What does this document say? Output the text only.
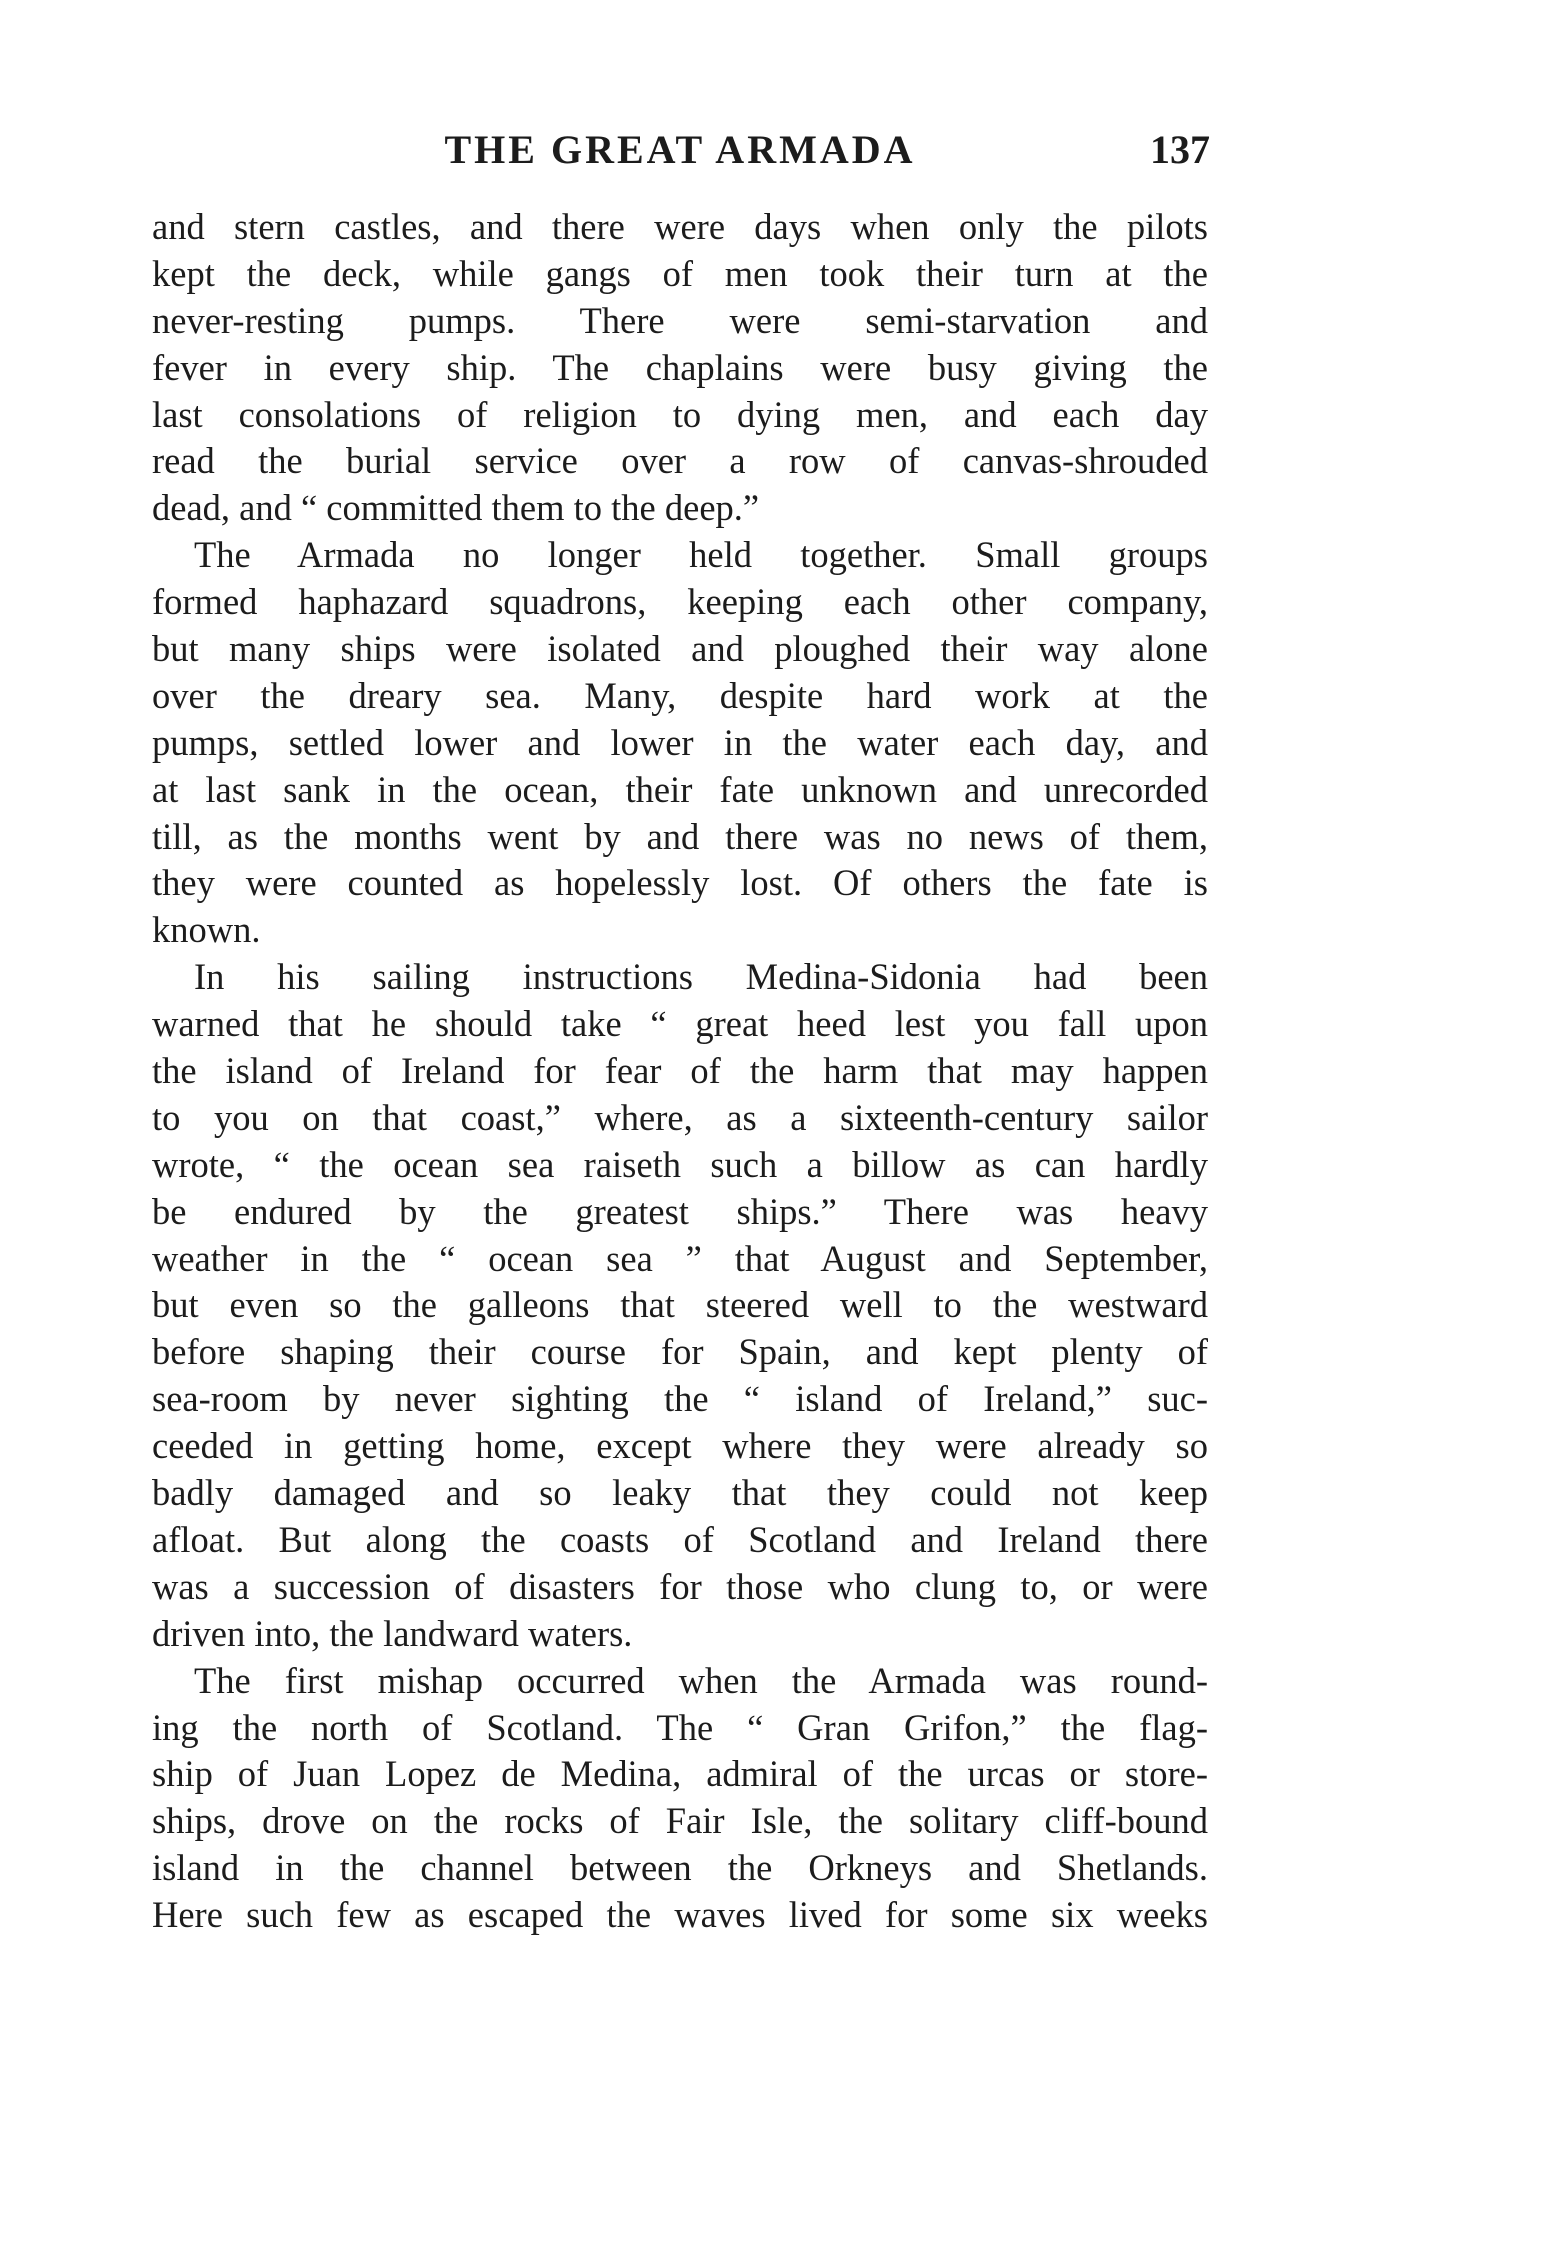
THE GREAT ARMADA	137
and stern castles, and there were days when only the pilots
kept the deck, while gangs of men took their turn at the
never-resting pumps. There were semi-starvation and
fever in every ship. The chaplains were busy giving the
last consolations of religion to dying men, and each day
read the burial service over a row of canvas-shrouded
dead, and “ committed them to the deep.”
The Armada no longer held together. Small groups
formed haphazard squadrons, keeping each other company,
but many ships were isolated and ploughed their way alone
over the dreary sea. Many, despite hard work at the
pumps, settled lower and lower in the water each day, and
at last sank in the ocean, their fate unknown and unrecorded
till, as the months went by and there was no news of them,
they were counted as hopelessly lost. Of others the fate is
known.
In his sailing instructions Medina-Sidonia had been
warned that he should take “ great heed lest you fall upon
the island of Ireland for fear of the harm that may happen
to you on that coast,” where, as a sixteenth-century sailor
wrote, “ the ocean sea raiseth such a billow as can hardly
be endured by the greatest ships.” There was heavy
weather in the “ ocean sea ” that August and September,
but even so the galleons that steered well to the westward
before shaping their course for Spain, and kept plenty of
sea-room by never sighting the “ island of Ireland,” suc-
ceeded in getting home, except where they were already so
badly damaged and so leaky that they could not keep
afloat. But along the coasts of Scotland and Ireland there
was a succession of disasters for those who clung to, or were
driven into, the landward waters.
The first mishap occurred when the Armada was round-
ing the north of Scotland. The “ Gran Grifon,” the flag-
ship of Juan Lopez de Medina, admiral of the urcas or store-
ships, drove on the rocks of Fair Isle, the solitary cliff-bound
island in the channel between the Orkneys and Shetlands.
Here such few as escaped the waves lived for some six weeks
